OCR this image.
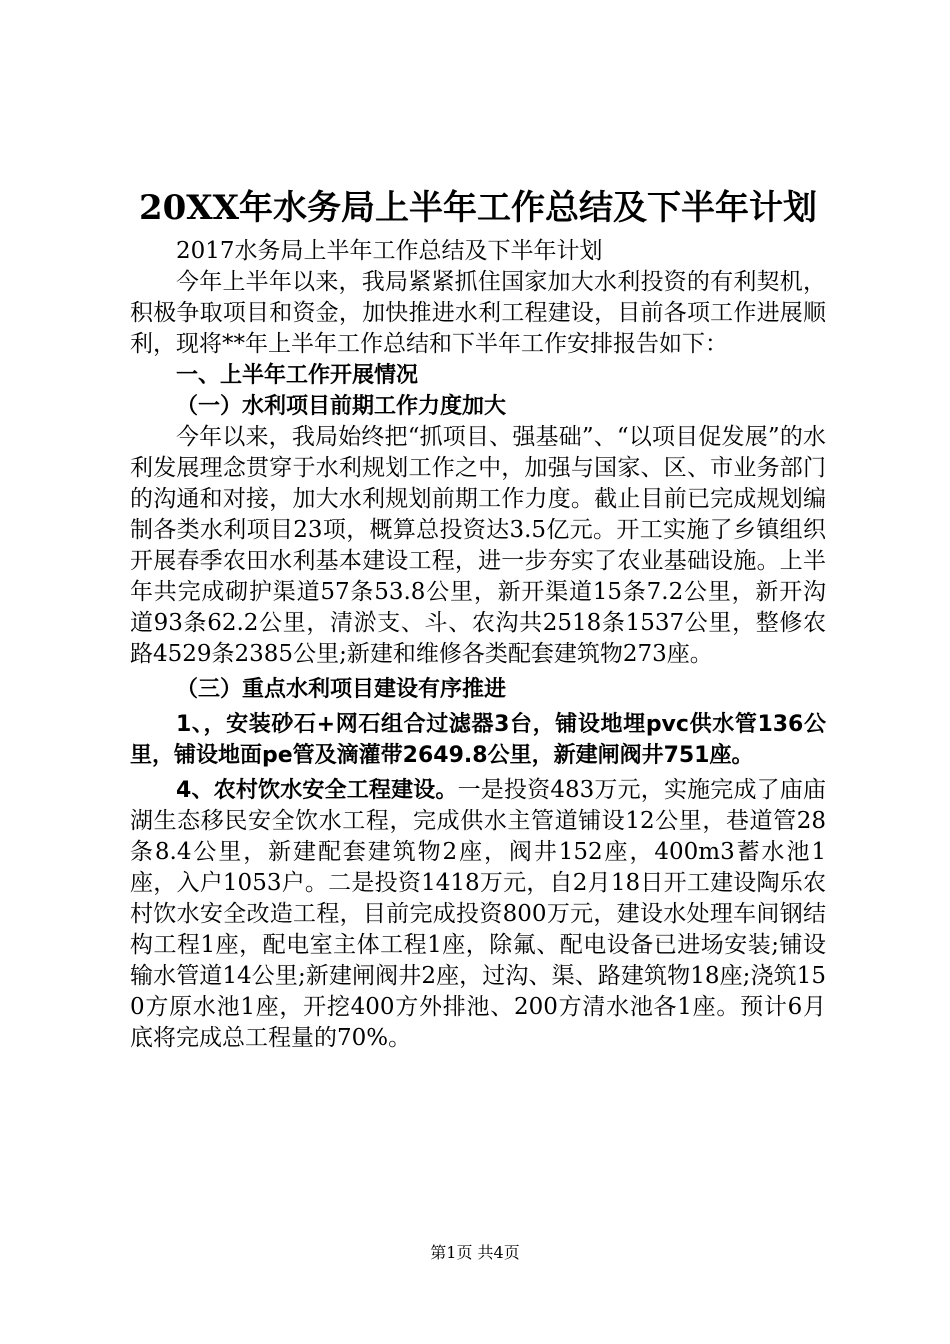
20XX年水务局上半年工作总结及下半年计划

2017水务局上半年工作总结及下半年计划

今年上半年以来，我局紧紧抓住国家加大水利投资的有利契机，积极争取项目和资金，加快推进水利工程建设，目前各项工作进展顺利，现将**年上半年工作总结和下半年工作安排报告如下：

一、上半年工作开展情况

（一）水利项目前期工作力度加大

今年以来，我局始终把“抓项目、强基础”、“以项目促发展”的水利发展理念贯穿于水利规划工作之中，加强与国家、区、市业务部门的沟通和对接，加大水利规划前期工作力度。截止目前已完成规划编制各类水利项目23项，概算总投资达3.5亿元。开工实施了乡镇组织开展春季农田水利基本建设工程，进一步夯实了农业基础设施。上半年共完成砌护渠道57条53.8公里，新开渠道15条7.2公里，新开沟道93条62.2公里，清淤支、斗、农沟共2518条1537公里，整修农路4529条2385公里;新建和维修各类配套建筑物273座。

（三）重点水利项目建设有序推进

1、，安装砂石+网石组合过滤器3台，铺设地埋pvc供水管136公里，铺设地面pe管及滴灌带2649.8公里，新建闸阀井751座。

4、农村饮水安全工程建设。一是投资483万元，实施完成了庙庙湖生态移民安全饮水工程，完成供水主管道铺设12公里，巷道管28条8.4公里，新建配套建筑物2座，阀井152座，400m3蓄水池1座，入户1053户。二是投资1418万元，自2月18日开工建设陶乐农村饮水安全改造工程，目前完成投资800万元，建设水处理车间钢结构工程1座，配电室主体工程1座，除氟、配电设备已进场安装;铺设输水管道14公里;新建闸阀井2座，过沟、渠、路建筑物18座;浇筑150方原水池1座，开挖400方外排池、200方清水池各1座。预计6月底将完成总工程量的70%。

第1页 共4页
